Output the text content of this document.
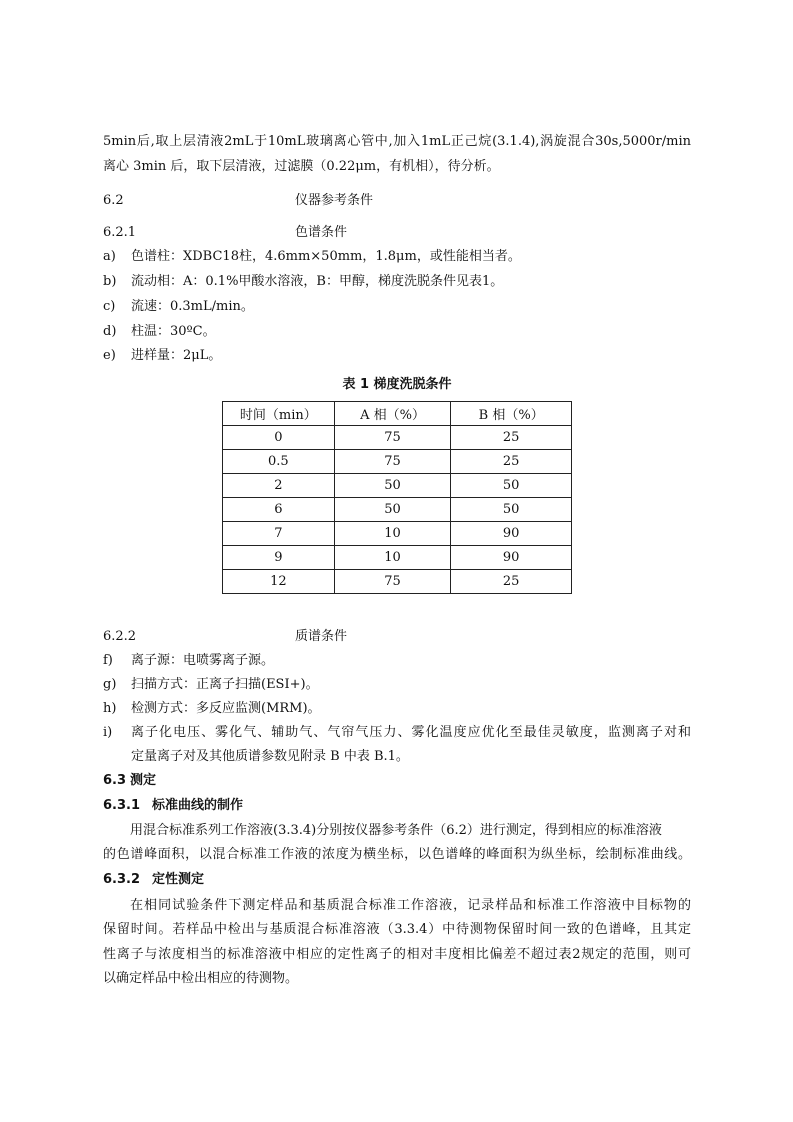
5min后,取上层清液2mL于10mL玻璃离心管中,加入1mL正己烷(3.1.4),涡旋混合30s,5000r/min
离心 3min 后，取下层清液，过滤膜（0.22μm，有机相），待分析。
6.2	仪器参考条件
6.2.1	色谱条件
a)	色谱柱：XDBC18柱，4.6mm×50mm，1.8μm，或性能相当者。
b)	流动相：A：0.1%甲酸水溶液，B：甲醇，梯度洗脱条件见表1。
c)	流速：0.3mL/min。
d)	柱温：30ºC。
e)	进样量：2μL。
表 1 梯度洗脱条件
时间（min）	A 相（%）	B 相（%）
0	75	25
0.5	75	25
2	50	50
6	50	50
7	10	90
9	10	90
12	75	25
6.2.2	质谱条件
f)	离子源：电喷雾离子源。
g)	扫描方式：正离子扫描(ESI+)。
h)	检测方式：多反应监测(MRM)。
i)	离子化电压、雾化气、辅助气、气帘气压力、雾化温度应优化至最佳灵敏度，监测离子对和
定量离子对及其他质谱参数见附录 B 中表 B.1。
6.3 测定
6.3.1 标准曲线的制作
用混合标准系列工作溶液(3.3.4)分别按仪器参考条件（6.2）进行测定，得到相应的标准溶液
的色谱峰面积，以混合标准工作液的浓度为横坐标，以色谱峰的峰面积为纵坐标，绘制标准曲线。
6.3.2 定性测定
在相同试验条件下测定样品和基质混合标准工作溶液，记录样品和标准工作溶液中目标物的
保留时间。若样品中检出与基质混合标准溶液（3.3.4）中待测物保留时间一致的色谱峰，且其定
性离子与浓度相当的标准溶液中相应的定性离子的相对丰度相比偏差不超过表2规定的范围，则可
以确定样品中检出相应的待测物。
